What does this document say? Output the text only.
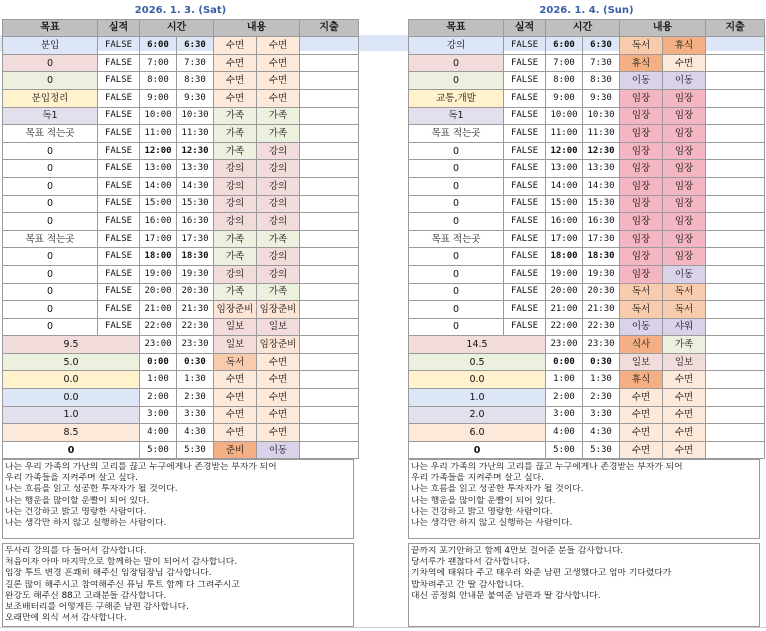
2026. 1. 3. (Sat)						
목표	실적	시간		내용		지출
분입	FALSE	6:00	6:30	수면	수면	
0	FALSE	7:00	7:30	수면	수면	
0	FALSE	8:00	8:30	수면	수면	
분입정리	FALSE	9:00	9:30	수면	수면	
독1	FALSE	10:00	10:30	가족	가족	
목표 적는곳	FALSE	11:00	11:30	가족	가족	
0	FALSE	12:00	12:30	가족	강의	
0	FALSE	13:00	13:30	강의	강의	
0	FALSE	14:00	14:30	강의	강의	
0	FALSE	15:00	15:30	강의	강의	
0	FALSE	16:00	16:30	강의	강의	
목표 적는곳	FALSE	17:00	17:30	가족	가족	
0	FALSE	18:00	18:30	가족	강의	
0	FALSE	19:00	19:30	강의	강의	
0	FALSE	20:00	20:30	가족	가족	
0	FALSE	21:00	21:30	임장준비	임장준비	
0	FALSE	22:00	22:30	일보	일보	
9.5		23:00	23:30	일보	임장준비	
5.0		0:00	0:30	독서	수면	
0.0		1:00	1:30	수면	수면	
0.0		2:00	2:30	수면	수면	
1.0		3:00	3:30	수면	수면	
8.5		4:00	4:30	수면	수면	
0		5:00	5:30	준비	이동	
2026. 1. 4. (Sun)						
목표	실적	시간		내용		지출
강의	FALSE	6:00	6:30	독서	휴식	
0	FALSE	7:00	7:30	휴식	수면	
0	FALSE	8:00	8:30	이동	이동	
교통,개발	FALSE	9:00	9:30	임장	임장	
독1	FALSE	10:00	10:30	임장	임장	
목표 적는곳	FALSE	11:00	11:30	임장	임장	
0	FALSE	12:00	12:30	임장	임장	
0	FALSE	13:00	13:30	임장	임장	
0	FALSE	14:00	14:30	임장	임장	
0	FALSE	15:00	15:30	임장	임장	
0	FALSE	16:00	16:30	임장	임장	
목표 적는곳	FALSE	17:00	17:30	임장	임장	
0	FALSE	18:00	18:30	임장	임장	
0	FALSE	19:00	19:30	임장	이동	
0	FALSE	20:00	20:30	독서	독서	
0	FALSE	21:00	21:30	독서	독서	
0	FALSE	22:00	22:30	이동	샤워	
14.5		23:00	23:30	식사	가족	
0.5		0:00	0:30	일보	일보	
0.0		1:00	1:30	휴식	수면	
1.0		2:00	2:30	수면	수면	
2.0		3:00	3:30	수면	수면	
6.0		4:00	4:30	수면	수면	
0		5:00	5:30	수면	수면	
나는 우리 가족의 가난의 고리를 끊고 누구에게나 존경받는 부자가 되어
우리 가족들을 지켜주며 살고 싶다.
나는 흐름을 읽고 성공한 투자자가 될 것이다.
나는 행운을 많이할 운빨이 되어 있다.
나는 건강하고 밝고 명랑한 사람이다.
나는 생각만 하지 않고 실행하는 사람이다.
두사리 강의를 다 들어서 감사합니다.
처음이자 아마 마지막으로 함께하는 말이 되어서 감사합니다.
임장 투트 변경 흔쾌히 해주신 임장팀장님 감사합니다.
길론 많이 해주시고 참여해주신 퓨님 투트 함께 다 그려주시고
완강도 해주신 88고 고래분들 감사합니다.
보조배터리를 어떻게든 구해준 남편 감사합니다.
오래만에 외식 셔셔 감사합니다.
나는 우리 가족의 가난의 고리를 끊고 누구에게나 존경받는 부자가 되어
우리 가족들을 지켜주며 살고 싶다.
나는 흐름을 읽고 성공한 투자자가 될 것이다.
나는 행운을 많이할 운빨이 되어 있다.
나는 건강하고 밝고 명랑한 사람이다.
나는 생각만 하지 않고 실행하는 사람이다.
끝까지 포기안하고 함께 4만보 걸어준 분들 감사합니다.
당서루가 괜찮다서 감사합니다.
기차역에 태워다 주고 태우러 와준 남편 고생했다고 엄마 기다렸다가
밥차려주고 간 딸 감사합니다.
대신 공정회 안내문 붙여준 남편과 딸 감사합니다.
